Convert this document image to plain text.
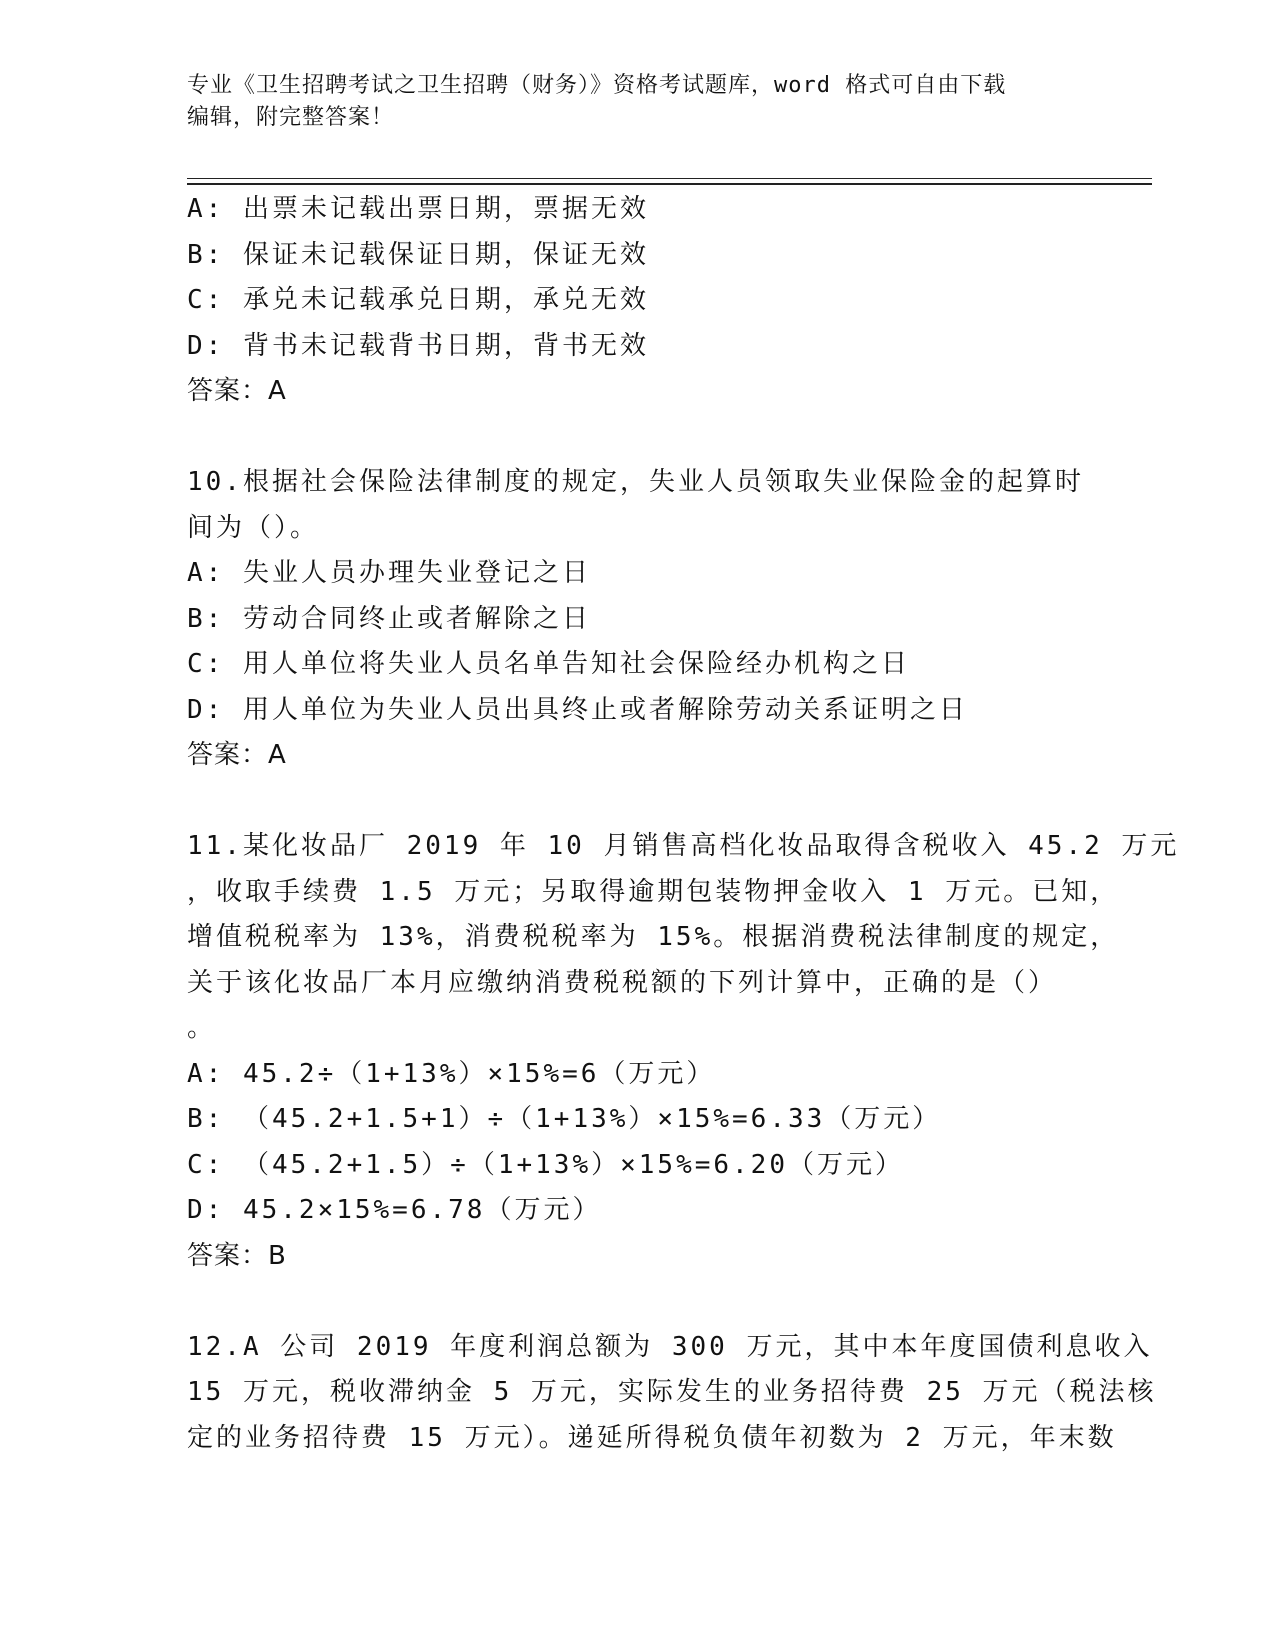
专业《卫生招聘考试之卫生招聘（财务）》资格考试题库，word 格式可自由下载
编辑，附完整答案！
A: 出票未记载出票日期，票据无效
B: 保证未记载保证日期，保证无效
C: 承兑未记载承兑日期，承兑无效
D: 背书未记载背书日期，背书无效
答案：A
10.根据社会保险法律制度的规定，失业人员领取失业保险金的起算时
间为（）。
A: 失业人员办理失业登记之日
B: 劳动合同终止或者解除之日
C: 用人单位将失业人员名单告知社会保险经办机构之日
D: 用人单位为失业人员出具终止或者解除劳动关系证明之日
答案：A
11.某化妆品厂 2019 年 10 月销售高档化妆品取得含税收入 45.2 万元
，收取手续费 1.5 万元；另取得逾期包装物押金收入 1 万元。已知，
增值税税率为 13%，消费税税率为 15%。根据消费税法律制度的规定，
关于该化妆品厂本月应缴纳消费税税额的下列计算中，正确的是（）
。
A: 45.2÷（1+13%）×15%=6（万元）
B: （45.2+1.5+1）÷（1+13%）×15%=6.33（万元）
C: （45.2+1.5）÷（1+13%）×15%=6.20（万元）
D: 45.2×15%=6.78（万元）
答案：B
12.A 公司 2019 年度利润总额为 300 万元，其中本年度国债利息收入
15 万元，税收滞纳金 5 万元，实际发生的业务招待费 25 万元（税法核
定的业务招待费 15 万元）。递延所得税负债年初数为 2 万元，年末数
